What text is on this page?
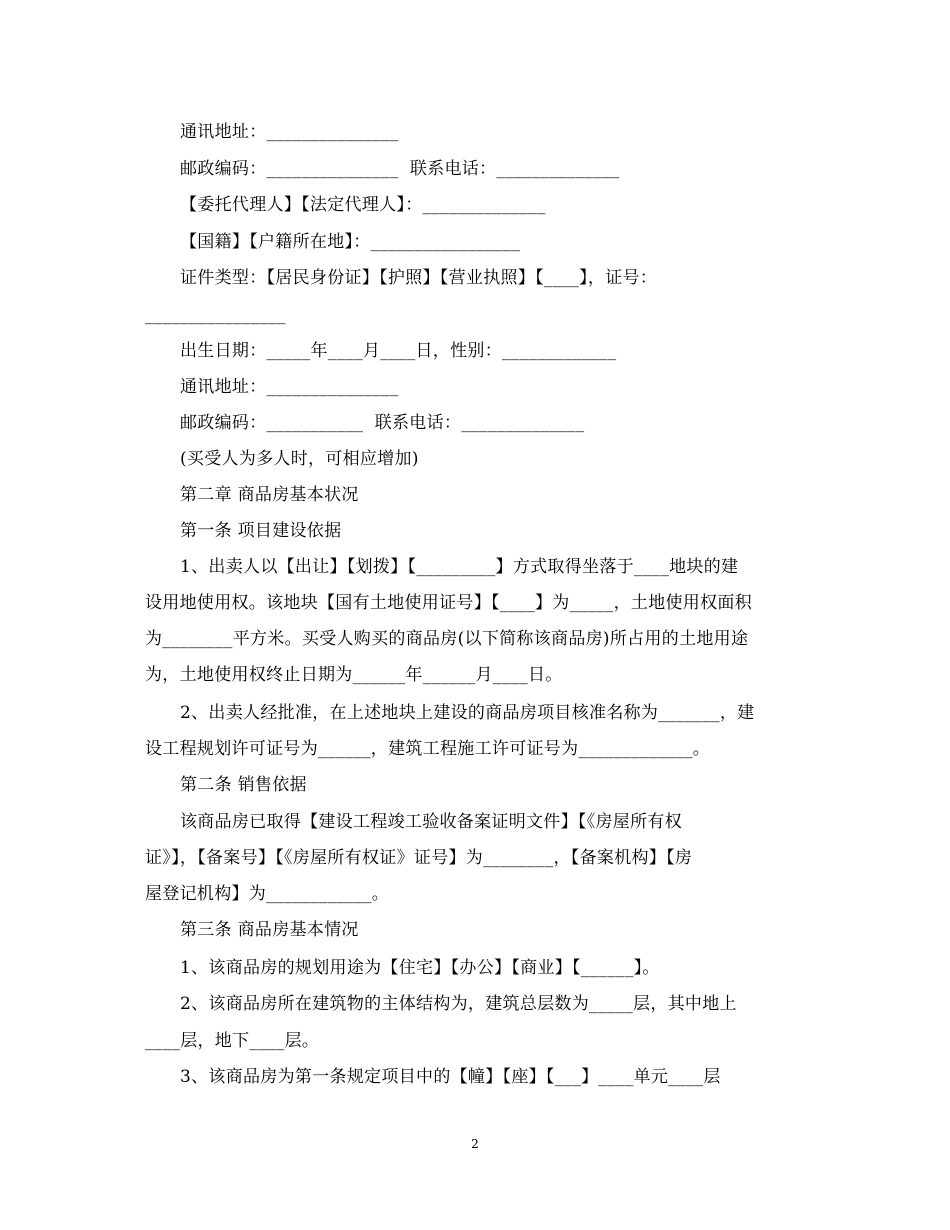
通讯地址：_______________
邮政编码：_______________  联系电话：______________
【委托代理人】【法定代理人】：______________
【国籍】【户籍所在地】：_________________
证件类型：【居民身份证】【护照】【营业执照】【____】，证号：
________________
出生日期：_____年____月____日，性别：_____________
通讯地址：_______________
邮政编码：___________  联系电话：______________
(买受人为多人时，可相应增加)
第二章 商品房基本状况
第一条 项目建设依据
1、出卖人以【出让】【划拨】【_________】方式取得坐落于____地块的建
设用地使用权。该地块【国有土地使用证号】【____】为_____，土地使用权面积
为________平方米。买受人购买的商品房(以下简称该商品房)所占用的土地用途
为，土地使用权终止日期为______年______月____日。
2、出卖人经批准，在上述地块上建设的商品房项目核准名称为_______，建
设工程规划许可证号为______，建筑工程施工许可证号为_____________。
第二条 销售依据
该商品房已取得【建设工程竣工验收备案证明文件】【《房屋所有权
证》】，【备案号】【《房屋所有权证》证号】为________，【备案机构】【房
屋登记机构】为____________。
第三条 商品房基本情况
1、该商品房的规划用途为【住宅】【办公】【商业】【______】。
2、该商品房所在建筑物的主体结构为，建筑总层数为_____层，其中地上
____层，地下____层。
3、该商品房为第一条规定项目中的【幢】【座】【___】____单元____层
2
